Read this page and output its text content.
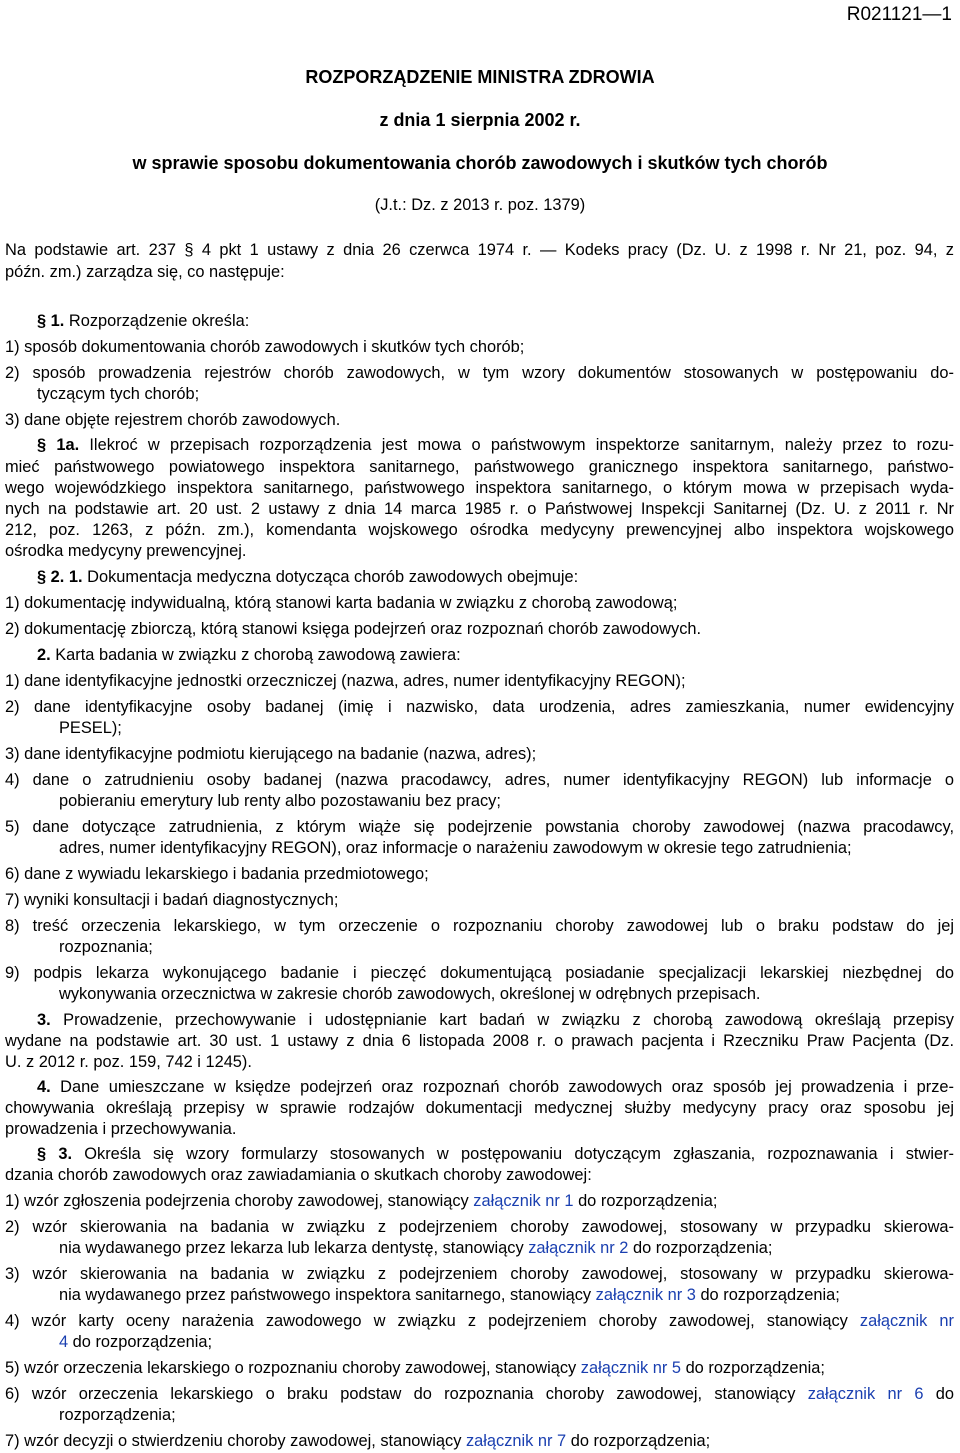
R021121—1
ROZPORZĄDZENIE MINISTRA ZDROWIA
z dnia 1 sierpnia 2002 r.
w sprawie sposobu dokumentowania chorób zawodowych i skutków tych chorób
(J.t.: Dz. z 2013 r. poz. 1379)
Na podstawie art. 237 § 4 pkt 1 ustawy z dnia 26 czerwca 1974 r. — Kodeks pracy (Dz. U. z 1998 r. Nr 21, poz. 94, z
późn. zm.) zarządza się, co następuje:
§ 1. Rozporządzenie określa:
1) sposób dokumentowania chorób zawodowych i skutków tych chorób;
2) sposób prowadzenia rejestrów chorób zawodowych, w tym wzory dokumentów stosowanych w postępowaniu do-
tyczącym tych chorób;
3) dane objęte rejestrem chorób zawodowych.
§ 1a. Ilekroć w przepisach rozporządzenia jest mowa o państwowym inspektorze sanitarnym, należy przez to rozu-
mieć państwowego powiatowego inspektora sanitarnego, państwowego granicznego inspektora sanitarnego, państwo-
wego wojewódzkiego inspektora sanitarnego, państwowego inspektora sanitarnego, o którym mowa w przepisach wyda-
nych na podstawie art. 20 ust. 2 ustawy z dnia 14 marca 1985 r. o Państwowej Inspekcji Sanitarnej (Dz. U. z 2011 r. Nr
212, poz. 1263, z późn. zm.), komendanta wojskowego ośrodka medycyny prewencyjnej albo inspektora wojskowego
ośrodka medycyny prewencyjnej.
§ 2. 1. Dokumentacja medyczna dotycząca chorób zawodowych obejmuje:
1) dokumentację indywidualną, którą stanowi karta badania w związku z chorobą zawodową;
2) dokumentację zbiorczą, którą stanowi księga podejrzeń oraz rozpoznań chorób zawodowych.
2. Karta badania w związku z chorobą zawodową zawiera:
1) dane identyfikacyjne jednostki orzeczniczej (nazwa, adres, numer identyfikacyjny REGON);
2) dane identyfikacyjne osoby badanej (imię i nazwisko, data urodzenia, adres zamieszkania, numer ewidencyjny
PESEL);
3) dane identyfikacyjne podmiotu kierującego na badanie (nazwa, adres);
4) dane o zatrudnieniu osoby badanej (nazwa pracodawcy, adres, numer identyfikacyjny REGON) lub informacje o
pobieraniu emerytury lub renty albo pozostawaniu bez pracy;
5) dane dotyczące zatrudnienia, z którym wiąże się podejrzenie powstania choroby zawodowej (nazwa pracodawcy,
adres, numer identyfikacyjny REGON), oraz informacje o narażeniu zawodowym w okresie tego zatrudnienia;
6) dane z wywiadu lekarskiego i badania przedmiotowego;
7) wyniki konsultacji i badań diagnostycznych;
8) treść orzeczenia lekarskiego, w tym orzeczenie o rozpoznaniu choroby zawodowej lub o braku podstaw do jej
rozpoznania;
9) podpis lekarza wykonującego badanie i pieczęć dokumentującą posiadanie specjalizacji lekarskiej niezbędnej do
wykonywania orzecznictwa w zakresie chorób zawodowych, określonej w odrębnych przepisach.
3. Prowadzenie, przechowywanie i udostępnianie kart badań w związku z chorobą zawodową określają przepisy
wydane na podstawie art. 30 ust. 1 ustawy z dnia 6 listopada 2008 r. o prawach pacjenta i Rzeczniku Praw Pacjenta (Dz.
U. z 2012 r. poz. 159, 742 i 1245).
4. Dane umieszczane w księdze podejrzeń oraz rozpoznań chorób zawodowych oraz sposób jej prowadzenia i prze-
chowywania określają przepisy w sprawie rodzajów dokumentacji medycznej służby medycyny pracy oraz sposobu jej
prowadzenia i przechowywania.
§ 3. Określa się wzory formularzy stosowanych w postępowaniu dotyczącym zgłaszania, rozpoznawania i stwier-
dzania chorób zawodowych oraz zawiadamiania o skutkach choroby zawodowej:
1) wzór zgłoszenia podejrzenia choroby zawodowej, stanowiący załącznik nr 1 do rozporządzenia;
2) wzór skierowania na badania w związku z podejrzeniem choroby zawodowej, stosowany w przypadku skierowa-
nia wydawanego przez lekarza lub lekarza dentystę, stanowiący załącznik nr 2 do rozporządzenia;
3) wzór skierowania na badania w związku z podejrzeniem choroby zawodowej, stosowany w przypadku skierowa-
nia wydawanego przez państwowego inspektora sanitarnego, stanowiący załącznik nr 3 do rozporządzenia;
4) wzór karty oceny narażenia zawodowego w związku z podejrzeniem choroby zawodowej, stanowiący załącznik nr
4 do rozporządzenia;
5) wzór orzeczenia lekarskiego o rozpoznaniu choroby zawodowej, stanowiący załącznik nr 5 do rozporządzenia;
6) wzór orzeczenia lekarskiego o braku podstaw do rozpoznania choroby zawodowej, stanowiący załącznik nr 6 do
rozporządzenia;
7) wzór decyzji o stwierdzeniu choroby zawodowej, stanowiący załącznik nr 7 do rozporządzenia;
